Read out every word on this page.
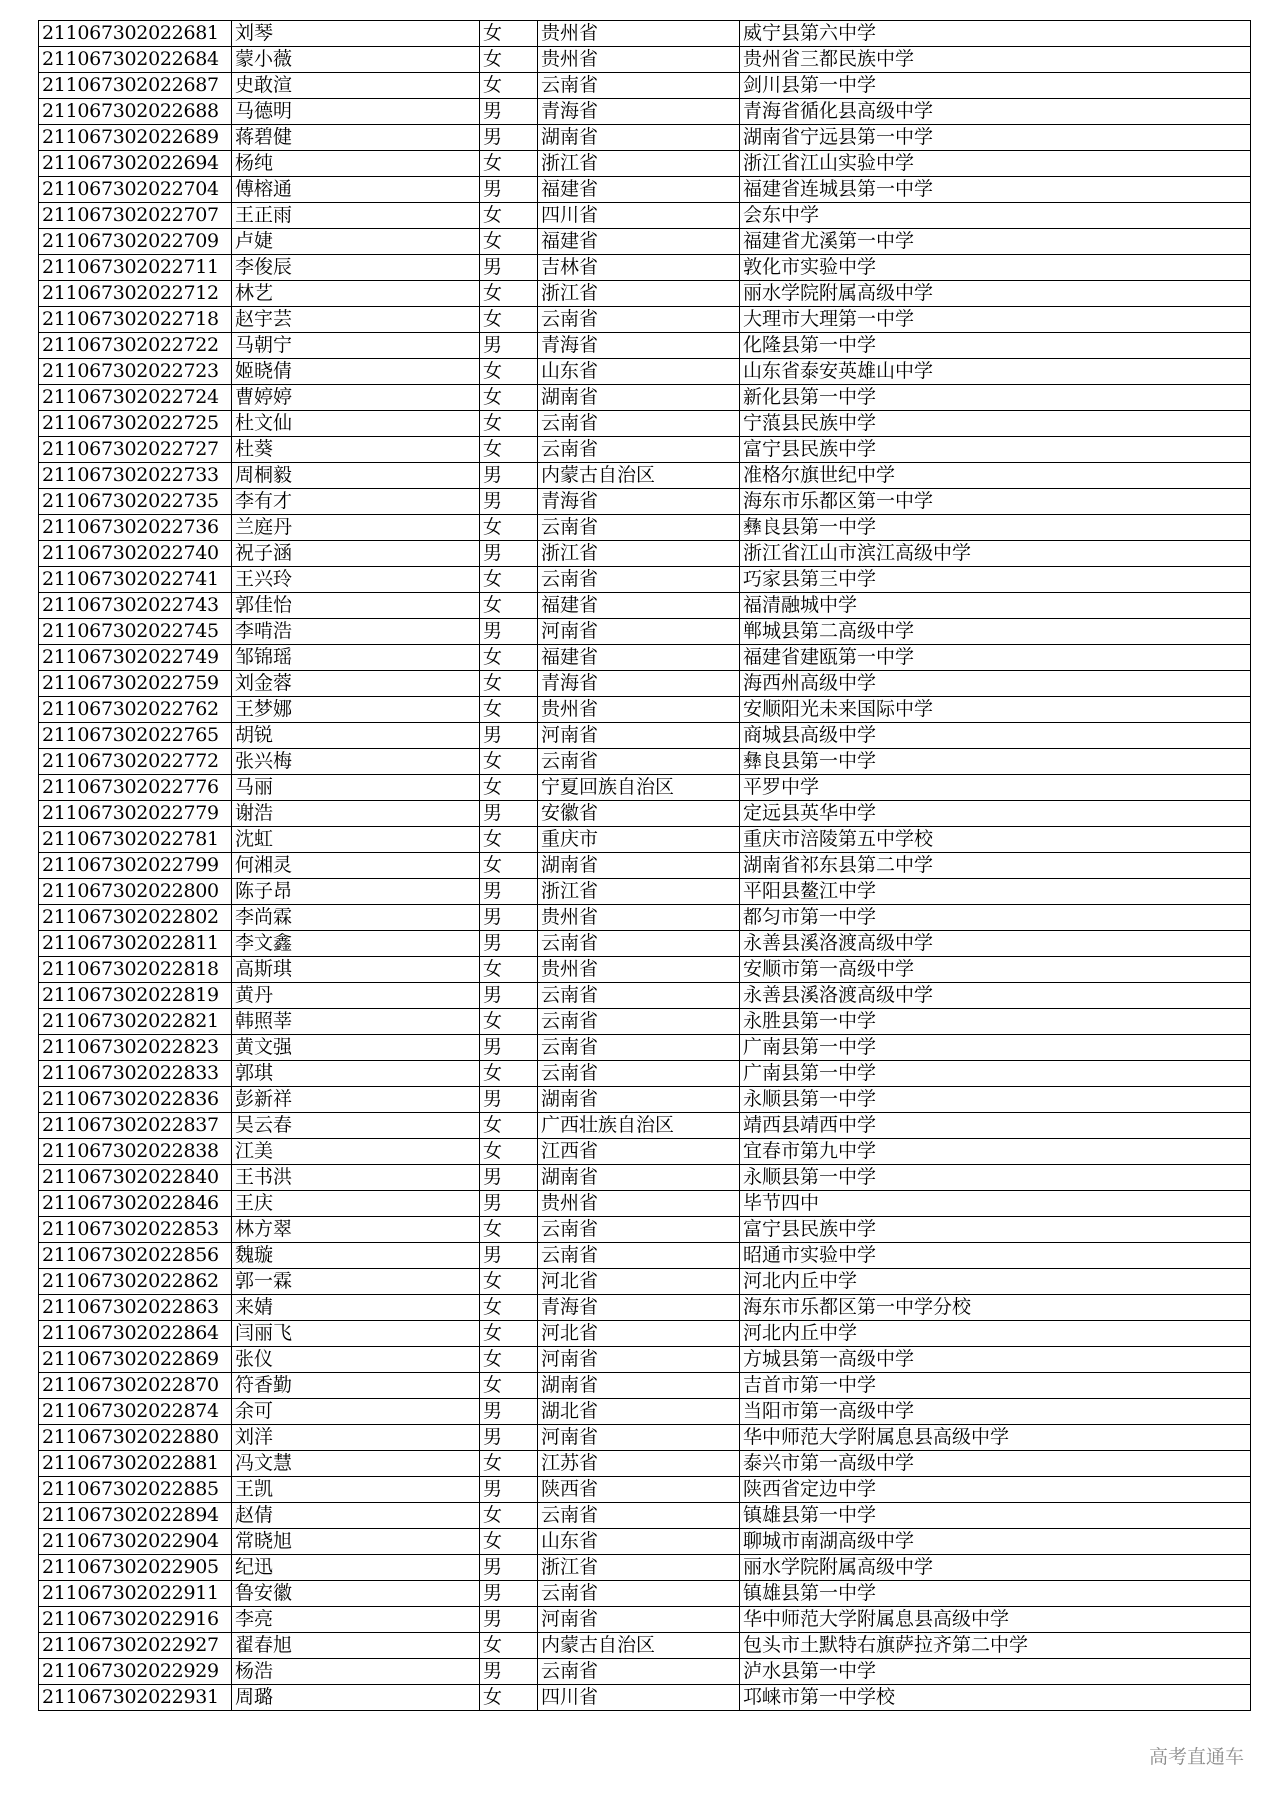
211067302022681	刘琴	女	贵州省	威宁县第六中学
211067302022684	蒙小薇	女	贵州省	贵州省三都民族中学
211067302022687	史敢渲	女	云南省	剑川县第一中学
211067302022688	马德明	男	青海省	青海省循化县高级中学
211067302022689	蒋碧健	男	湖南省	湖南省宁远县第一中学
211067302022694	杨纯	女	浙江省	浙江省江山实验中学
211067302022704	傅榕通	男	福建省	福建省连城县第一中学
211067302022707	王正雨	女	四川省	会东中学
211067302022709	卢婕	女	福建省	福建省尤溪第一中学
211067302022711	李俊辰	男	吉林省	敦化市实验中学
211067302022712	林艺	女	浙江省	丽水学院附属高级中学
211067302022718	赵宇芸	女	云南省	大理市大理第一中学
211067302022722	马朝宁	男	青海省	化隆县第一中学
211067302022723	姬晓倩	女	山东省	山东省泰安英雄山中学
211067302022724	曹婷婷	女	湖南省	新化县第一中学
211067302022725	杜文仙	女	云南省	宁蒗县民族中学
211067302022727	杜葵	女	云南省	富宁县民族中学
211067302022733	周桐毅	男	内蒙古自治区	准格尔旗世纪中学
211067302022735	李有才	男	青海省	海东市乐都区第一中学
211067302022736	兰庭丹	女	云南省	彝良县第一中学
211067302022740	祝子涵	男	浙江省	浙江省江山市滨江高级中学
211067302022741	王兴玲	女	云南省	巧家县第三中学
211067302022743	郭佳怡	女	福建省	福清融城中学
211067302022745	李啃浩	男	河南省	郸城县第二高级中学
211067302022749	邹锦瑶	女	福建省	福建省建瓯第一中学
211067302022759	刘金蓉	女	青海省	海西州高级中学
211067302022762	王梦娜	女	贵州省	安顺阳光未来国际中学
211067302022765	胡锐	男	河南省	商城县高级中学
211067302022772	张兴梅	女	云南省	彝良县第一中学
211067302022776	马丽	女	宁夏回族自治区	平罗中学
211067302022779	谢浩	男	安徽省	定远县英华中学
211067302022781	沈虹	女	重庆市	重庆市涪陵第五中学校
211067302022799	何湘灵	女	湖南省	湖南省祁东县第二中学
211067302022800	陈子昂	男	浙江省	平阳县鳌江中学
211067302022802	李尚霖	男	贵州省	都匀市第一中学
211067302022811	李文鑫	男	云南省	永善县溪洛渡高级中学
211067302022818	高斯琪	女	贵州省	安顺市第一高级中学
211067302022819	黄丹	男	云南省	永善县溪洛渡高级中学
211067302022821	韩照莘	女	云南省	永胜县第一中学
211067302022823	黄文强	男	云南省	广南县第一中学
211067302022833	郭琪	女	云南省	广南县第一中学
211067302022836	彭新祥	男	湖南省	永顺县第一中学
211067302022837	吴云春	女	广西壮族自治区	靖西县靖西中学
211067302022838	江美	女	江西省	宜春市第九中学
211067302022840	王书洪	男	湖南省	永顺县第一中学
211067302022846	王庆	男	贵州省	毕节四中
211067302022853	林方翠	女	云南省	富宁县民族中学
211067302022856	魏璇	男	云南省	昭通市实验中学
211067302022862	郭一霖	女	河北省	河北内丘中学
211067302022863	来婧	女	青海省	海东市乐都区第一中学分校
211067302022864	闫丽飞	女	河北省	河北内丘中学
211067302022869	张仪	女	河南省	方城县第一高级中学
211067302022870	符香勤	女	湖南省	吉首市第一中学
211067302022874	余可	男	湖北省	当阳市第一高级中学
211067302022880	刘洋	男	河南省	华中师范大学附属息县高级中学
211067302022881	冯文慧	女	江苏省	泰兴市第一高级中学
211067302022885	王凯	男	陕西省	陕西省定边中学
211067302022894	赵倩	女	云南省	镇雄县第一中学
211067302022904	常晓旭	女	山东省	聊城市南湖高级中学
211067302022905	纪迅	男	浙江省	丽水学院附属高级中学
211067302022911	鲁安徽	男	云南省	镇雄县第一中学
211067302022916	李亮	男	河南省	华中师范大学附属息县高级中学
211067302022927	翟春旭	女	内蒙古自治区	包头市土默特右旗萨拉齐第二中学
211067302022929	杨浩	男	云南省	泸水县第一中学
211067302022931	周璐	女	四川省	邛崃市第一中学校
高考直通车
